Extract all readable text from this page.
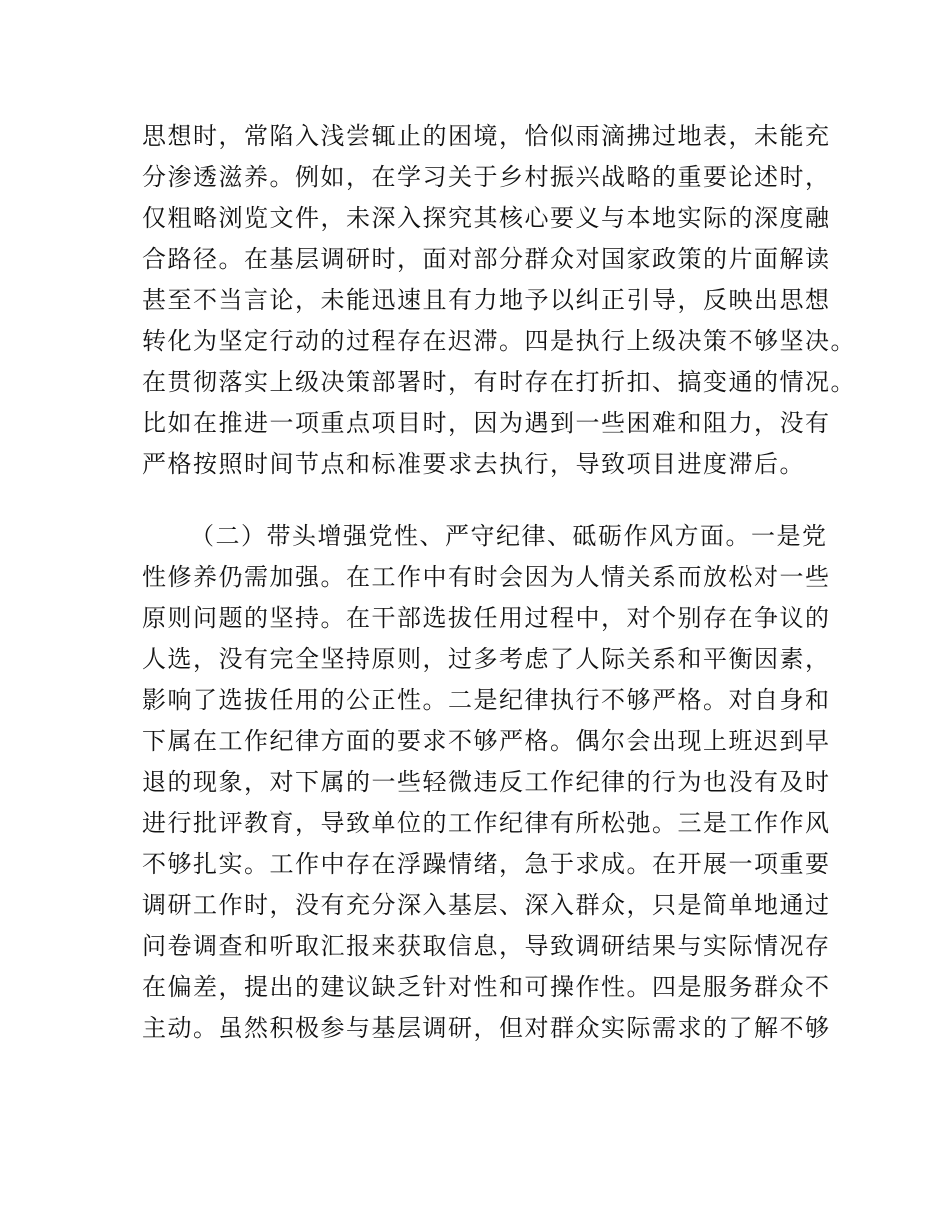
思想时，常陷入浅尝辄止的困境，恰似雨滴拂过地表，未能充

分渗透滋养。例如，在学习关于乡村振兴战略的重要论述时，

仅粗略浏览文件，未深入探究其核心要义与本地实际的深度融

合路径。在基层调研时，面对部分群众对国家政策的片面解读

甚至不当言论，未能迅速且有力地予以纠正引导，反映出思想

转化为坚定行动的过程存在迟滞。四是执行上级决策不够坚决。

在贯彻落实上级决策部署时，有时存在打折扣、搞变通的情况。

比如在推进一项重点项目时，因为遇到一些困难和阻力，没有

严格按照时间节点和标准要求去执行，导致项目进度滞后。

（二）带头增强党性、严守纪律、砥砺作风方面。一是党

性修养仍需加强。在工作中有时会因为人情关系而放松对一些

原则问题的坚持。在干部选拔任用过程中，对个别存在争议的

人选，没有完全坚持原则，过多考虑了人际关系和平衡因素，

影响了选拔任用的公正性。二是纪律执行不够严格。对自身和

下属在工作纪律方面的要求不够严格。偶尔会出现上班迟到早

退的现象，对下属的一些轻微违反工作纪律的行为也没有及时

进行批评教育，导致单位的工作纪律有所松弛。三是工作作风

不够扎实。工作中存在浮躁情绪，急于求成。在开展一项重要

调研工作时，没有充分深入基层、深入群众，只是简单地通过

问卷调查和听取汇报来获取信息，导致调研结果与实际情况存

在偏差，提出的建议缺乏针对性和可操作性。四是服务群众不

主动。虽然积极参与基层调研，但对群众实际需求的了解不够
